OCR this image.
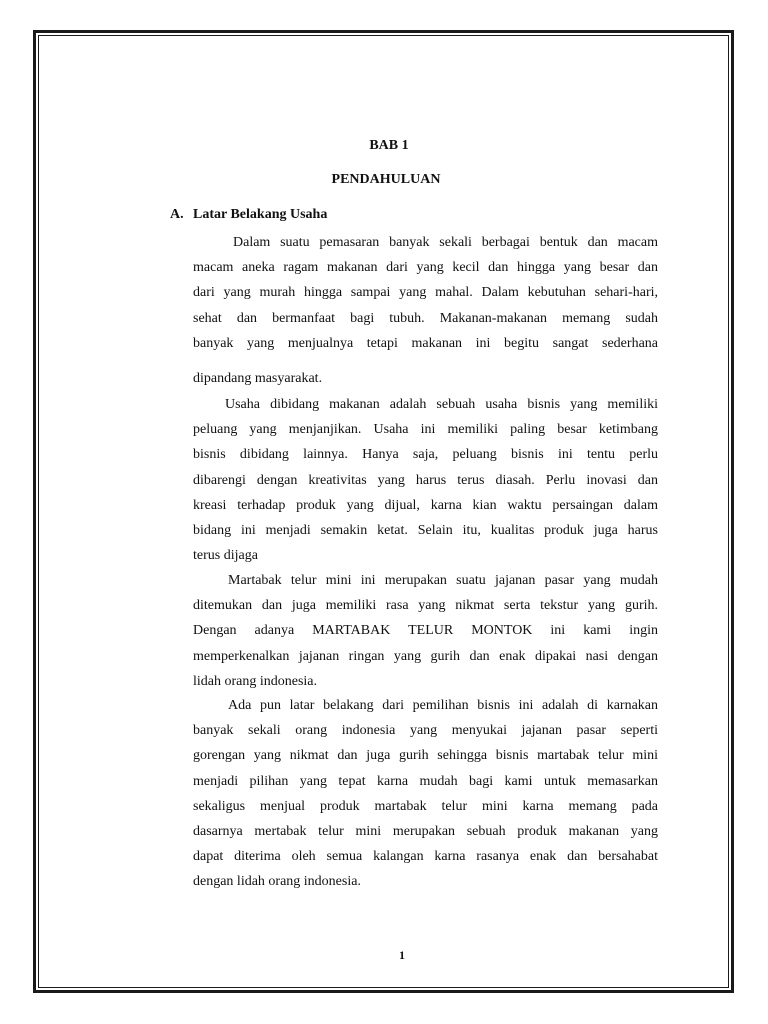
BAB 1
PENDAHULUAN
A. Latar Belakang Usaha
Dalam suatu pemasaran banyak sekali berbagai bentuk dan macam
macam aneka ragam makanan dari yang kecil dan hingga yang besar dan
dari yang murah hingga sampai yang mahal. Dalam kebutuhan sehari-hari,
sehat dan bermanfaat bagi tubuh. Makanan-makanan memang sudah
banyak yang menjualnya tetapi makanan ini begitu sangat sederhana
dipandang masyarakat.
Usaha dibidang makanan adalah sebuah usaha bisnis yang memiliki
peluang yang menjanjikan. Usaha ini memiliki paling besar ketimbang
bisnis dibidang lainnya. Hanya saja, peluang bisnis ini tentu perlu
dibarengi dengan kreativitas yang harus terus diasah. Perlu inovasi dan
kreasi terhadap produk yang dijual, karna kian waktu persaingan dalam
bidang ini menjadi semakin ketat. Selain itu, kualitas produk juga harus
terus dijaga
Martabak telur mini ini merupakan suatu jajanan pasar yang mudah
ditemukan dan juga memiliki rasa yang nikmat serta tekstur yang gurih.
Dengan adanya MARTABAK TELUR MONTOK ini kami ingin
memperkenalkan jajanan ringan yang gurih dan enak dipakai nasi dengan
lidah orang indonesia.
Ada pun latar belakang dari pemilihan bisnis ini adalah di karnakan
banyak sekali orang indonesia yang menyukai jajanan pasar seperti
gorengan yang nikmat dan juga gurih sehingga bisnis martabak telur mini
menjadi pilihan yang tepat karna mudah bagi kami untuk memasarkan
sekaligus menjual produk martabak telur mini karna memang pada
dasarnya mertabak telur mini merupakan sebuah produk makanan yang
dapat diterima oleh semua kalangan karna rasanya enak dan bersahabat
dengan lidah orang indonesia.
1
